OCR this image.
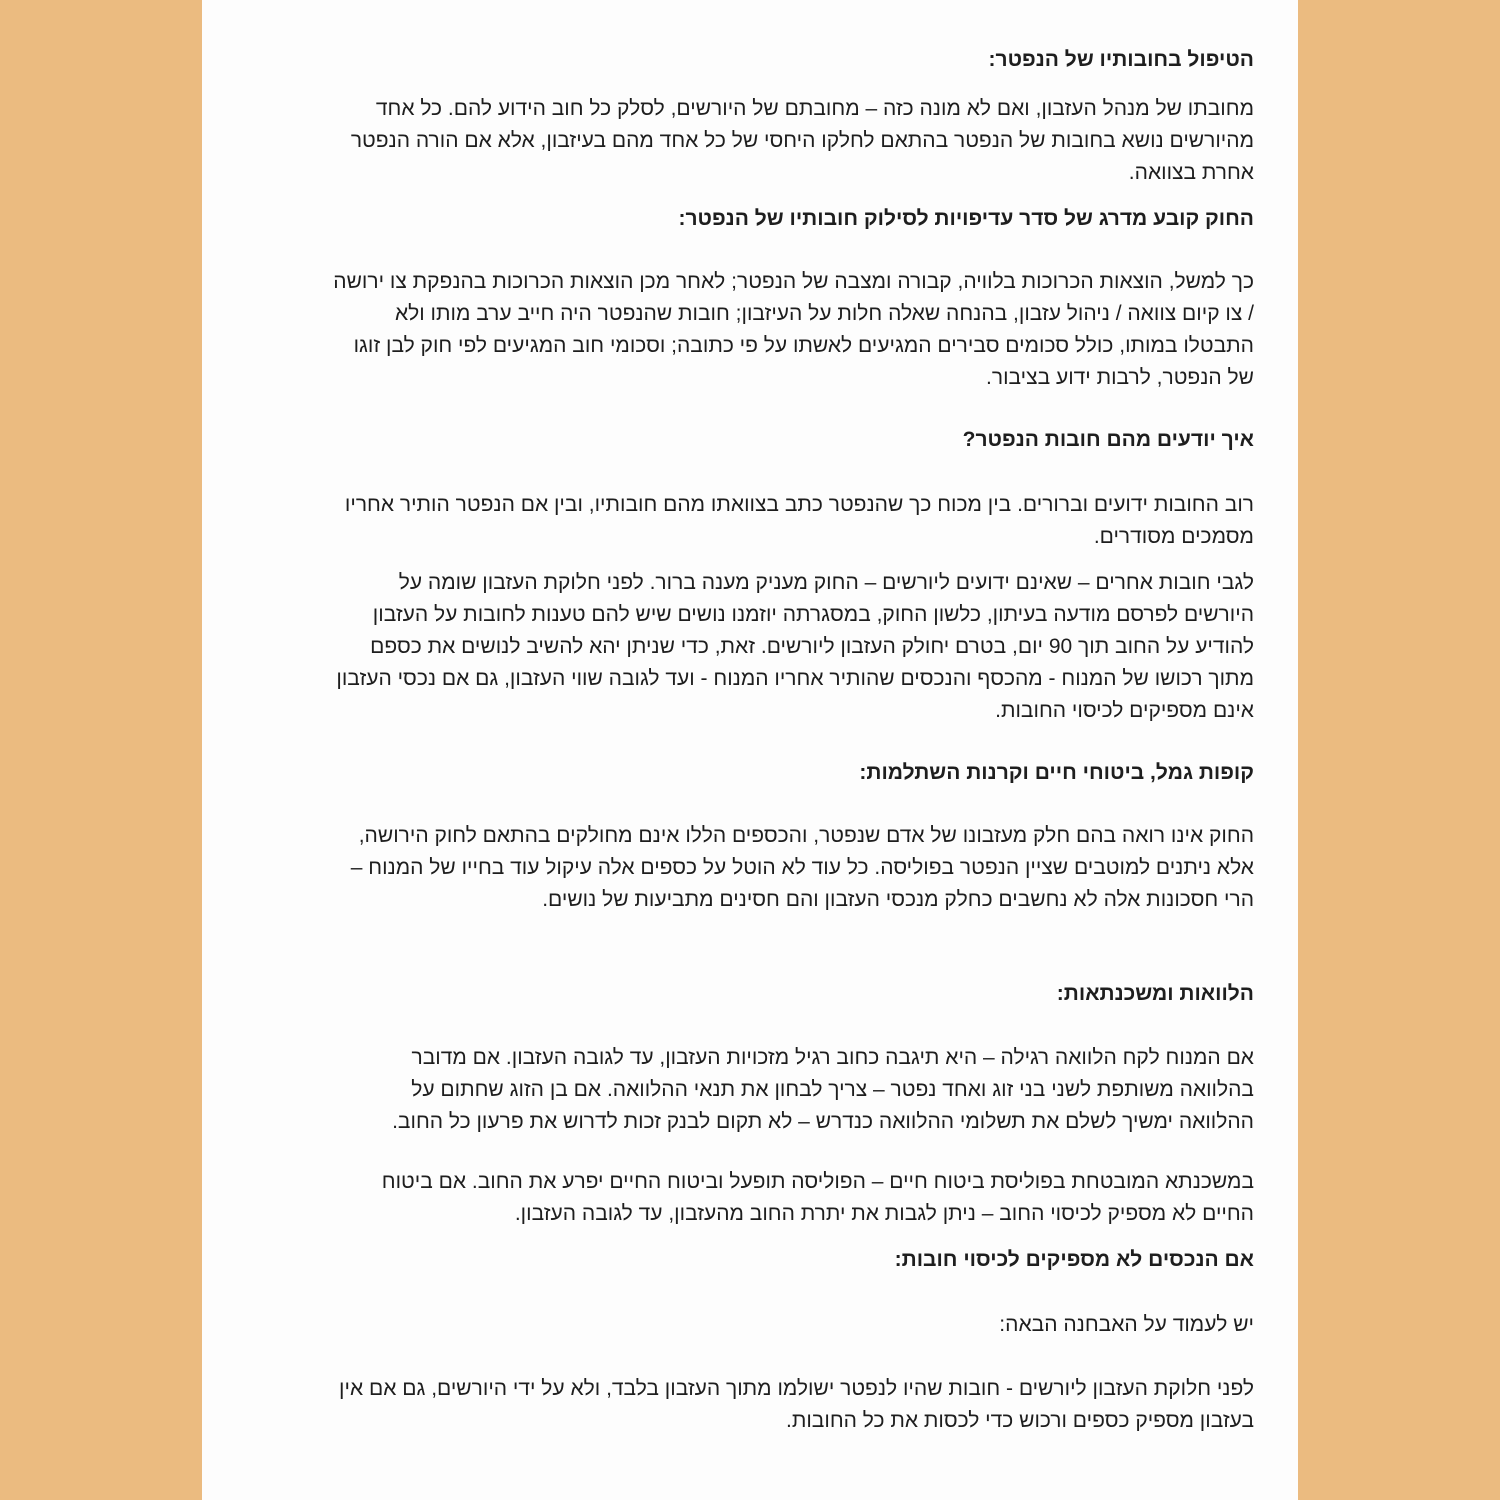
הטיפול בחובותיו של הנפטר:

מחובתו של מנהל העזבון, ואם לא מונה כזה – מחובתם של היורשים, לסלק כל חוב הידוע להם. כל אחד מהיורשים נושא בחובות של הנפטר בהתאם לחלקו היחסי של כל אחד מהם בעיזבון, אלא אם הורה הנפטר אחרת בצוואה.

החוק קובע מדרג של סדר עדיפויות לסילוק חובותיו של הנפטר:

כך למשל, הוצאות הכרוכות בלוויה, קבורה ומצבה של הנפטר; לאחר מכן הוצאות הכרוכות בהנפקת צו ירושה / צו קיום צוואה / ניהול עזבון, בהנחה שאלה חלות על העיזבון; חובות שהנפטר היה חייב ערב מותו ולא התבטלו במותו, כולל סכומים סבירים המגיעים לאשתו על פי כתובה; וסכומי חוב המגיעים לפי חוק לבן זוגו של הנפטר, לרבות ידוע בציבור.

איך יודעים מהם חובות הנפטר?

רוב החובות ידועים וברורים. בין מכוח כך שהנפטר כתב בצוואתו מהם חובותיו, ובין אם הנפטר הותיר אחריו מסמכים מסודרים.

לגבי חובות אחרים – שאינם ידועים ליורשים – החוק מעניק מענה ברור. לפני חלוקת העזבון שומה על היורשים לפרסם מודעה בעיתון, כלשון החוק, במסגרתה יוזמנו נושים שיש להם טענות לחובות על העזבון להודיע על החוב תוך 90 יום, בטרם יחולק העזבון ליורשים. זאת, כדי שניתן יהא להשיב לנושים את כספם מתוך רכושו של המנוח - מהכסף והנכסים שהותיר אחריו המנוח - ועד לגובה שווי העזבון, גם אם נכסי העזבון אינם מספיקים לכיסוי החובות.

קופות גמל, ביטוחי חיים וקרנות השתלמות:

החוק אינו רואה בהם חלק מעזבונו של אדם שנפטר, והכספים הללו אינם מחולקים בהתאם לחוק הירושה, אלא ניתנים למוטבים שציין הנפטר בפוליסה. כל עוד לא הוטל על כספים אלה עיקול עוד בחייו של המנוח – הרי חסכונות אלה לא נחשבים כחלק מנכסי העזבון והם חסינים מתביעות של נושים.

הלוואות ומשכנתאות:

אם המנוח לקח הלוואה רגילה – היא תיגבה כחוב רגיל מזכויות העזבון, עד לגובה העזבון. אם מדובר בהלוואה משותפת לשני בני זוג ואחד נפטר – צריך לבחון את תנאי ההלוואה. אם בן הזוג שחתום על ההלוואה ימשיך לשלם את תשלומי ההלוואה כנדרש – לא תקום לבנק זכות לדרוש את פרעון כל החוב.

במשכנתא המובטחת בפוליסת ביטוח חיים – הפוליסה תופעל וביטוח החיים יפרע את החוב. אם ביטוח החיים לא מספיק לכיסוי החוב – ניתן לגבות את יתרת החוב מהעזבון, עד לגובה העזבון.

אם הנכסים לא מספיקים לכיסוי חובות:

יש לעמוד על האבחנה הבאה:

לפני חלוקת העזבון ליורשים - חובות שהיו לנפטר ישולמו מתוך העזבון בלבד, ולא על ידי היורשים, גם אם אין בעזבון מספיק כספים ורכוש כדי לכסות את כל החובות.
